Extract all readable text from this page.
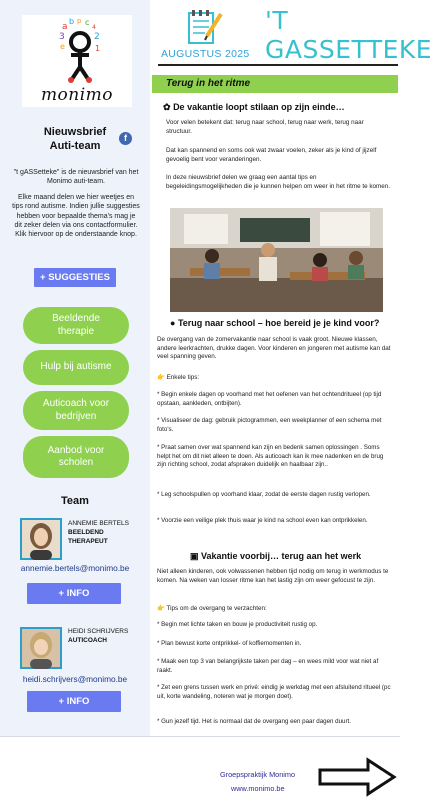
a
b p c
3	2
e	1
4
monimo
Nieuwsbrief
Auti-team
f

"t gASSetteke" is de nieuwsbrief van het Monimo auti-team.

Elke maand delen we hier weetjes en tips rond autisme. Indien jullie suggesties hebben voor bepaalde thema's mag je dit zeker delen via ons contactformulier. Klik hiervoor op de onderstaande knop.

+ SUGGESTIES
Beeldende
therapie
Hulp bij autisme
Auticoach voor
bedrijven
Aanbod voor
scholen
Team
ANNEMIE BERTELS
BEELDEND
THERAPEUT
annemie.bertels@monimo.be
+ INFO
HEIDI SCHRIJVERS
AUTICOACH
heidi.schrijvers@monimo.be
+ INFO
AUGUSTUS 2025
'T GASSETTEKE
Terug in het ritme
✿ De vakantie loopt stilaan op zijn einde…

Voor velen betekent dat: terug naar school, terug naar werk, terug naar structuur.

Dat kan spannend en soms ook wat zwaar voelen, zeker als je kind of jijzelf gevoelig bent voor veranderingen.

In deze nieuwsbrief delen we graag een aantal tips en begeleidingsmogelijkheden die je kunnen helpen om weer in het ritme te komen.

● Terug naar school – hoe bereid je je kind voor?

De overgang van de zomervakantie naar school is vaak groot. Nieuwe klassen, andere leerkrachten, drukke dagen. Voor kinderen en jongeren met autisme kan dat veel spanning geven.

👉 Enkele tips:

* Begin enkele dagen op voorhand met het oefenen van het ochtendritueel (op tijd opstaan, aankleden, ontbijten).

* Visualiseer de dag: gebruik pictogrammen, een weekplanner of een schema met foto's.

* Praat samen over wat spannend kan zijn en bedenk samen oplossingen . Soms helpt het om dit niet alleen te doen. Als auticoach kan ik mee nadenken en de brug zijn richting school, zodat afspraken duidelijk en haalbaar zijn..

* Leg schoolspullen op voorhand klaar, zodat de eerste dagen rustig verlopen.

* Voorzie een veilige plek thuis waar je kind na school even kan ontprikkelen.

▣ Vakantie voorbij… terug aan het werk

Niet alleen kinderen, ook volwassenen hebben tijd nodig om terug in werkmodus te komen. Na weken van losser ritme kan het lastig zijn om weer gefocust te zijn.

👉 Tips om de overgang te verzachten:

* Begin met lichte taken en bouw je productiviteit rustig op.

* Plan bewust korte ontprikkel- of koffiemomenten in.

* Maak een top 3 van belangrijkste taken per dag – en wees mild voor wat niet af raakt.

* Zet een grens tussen werk en privé: eindig je werkdag met een afsluitend ritueel (pc uit, korte wandeling, noteren wat je morgen doet).

* Gun jezelf tijd. Het is normaal dat de overgang een paar dagen duurt.

Groepspraktijk Monimo
www.monimo.be
